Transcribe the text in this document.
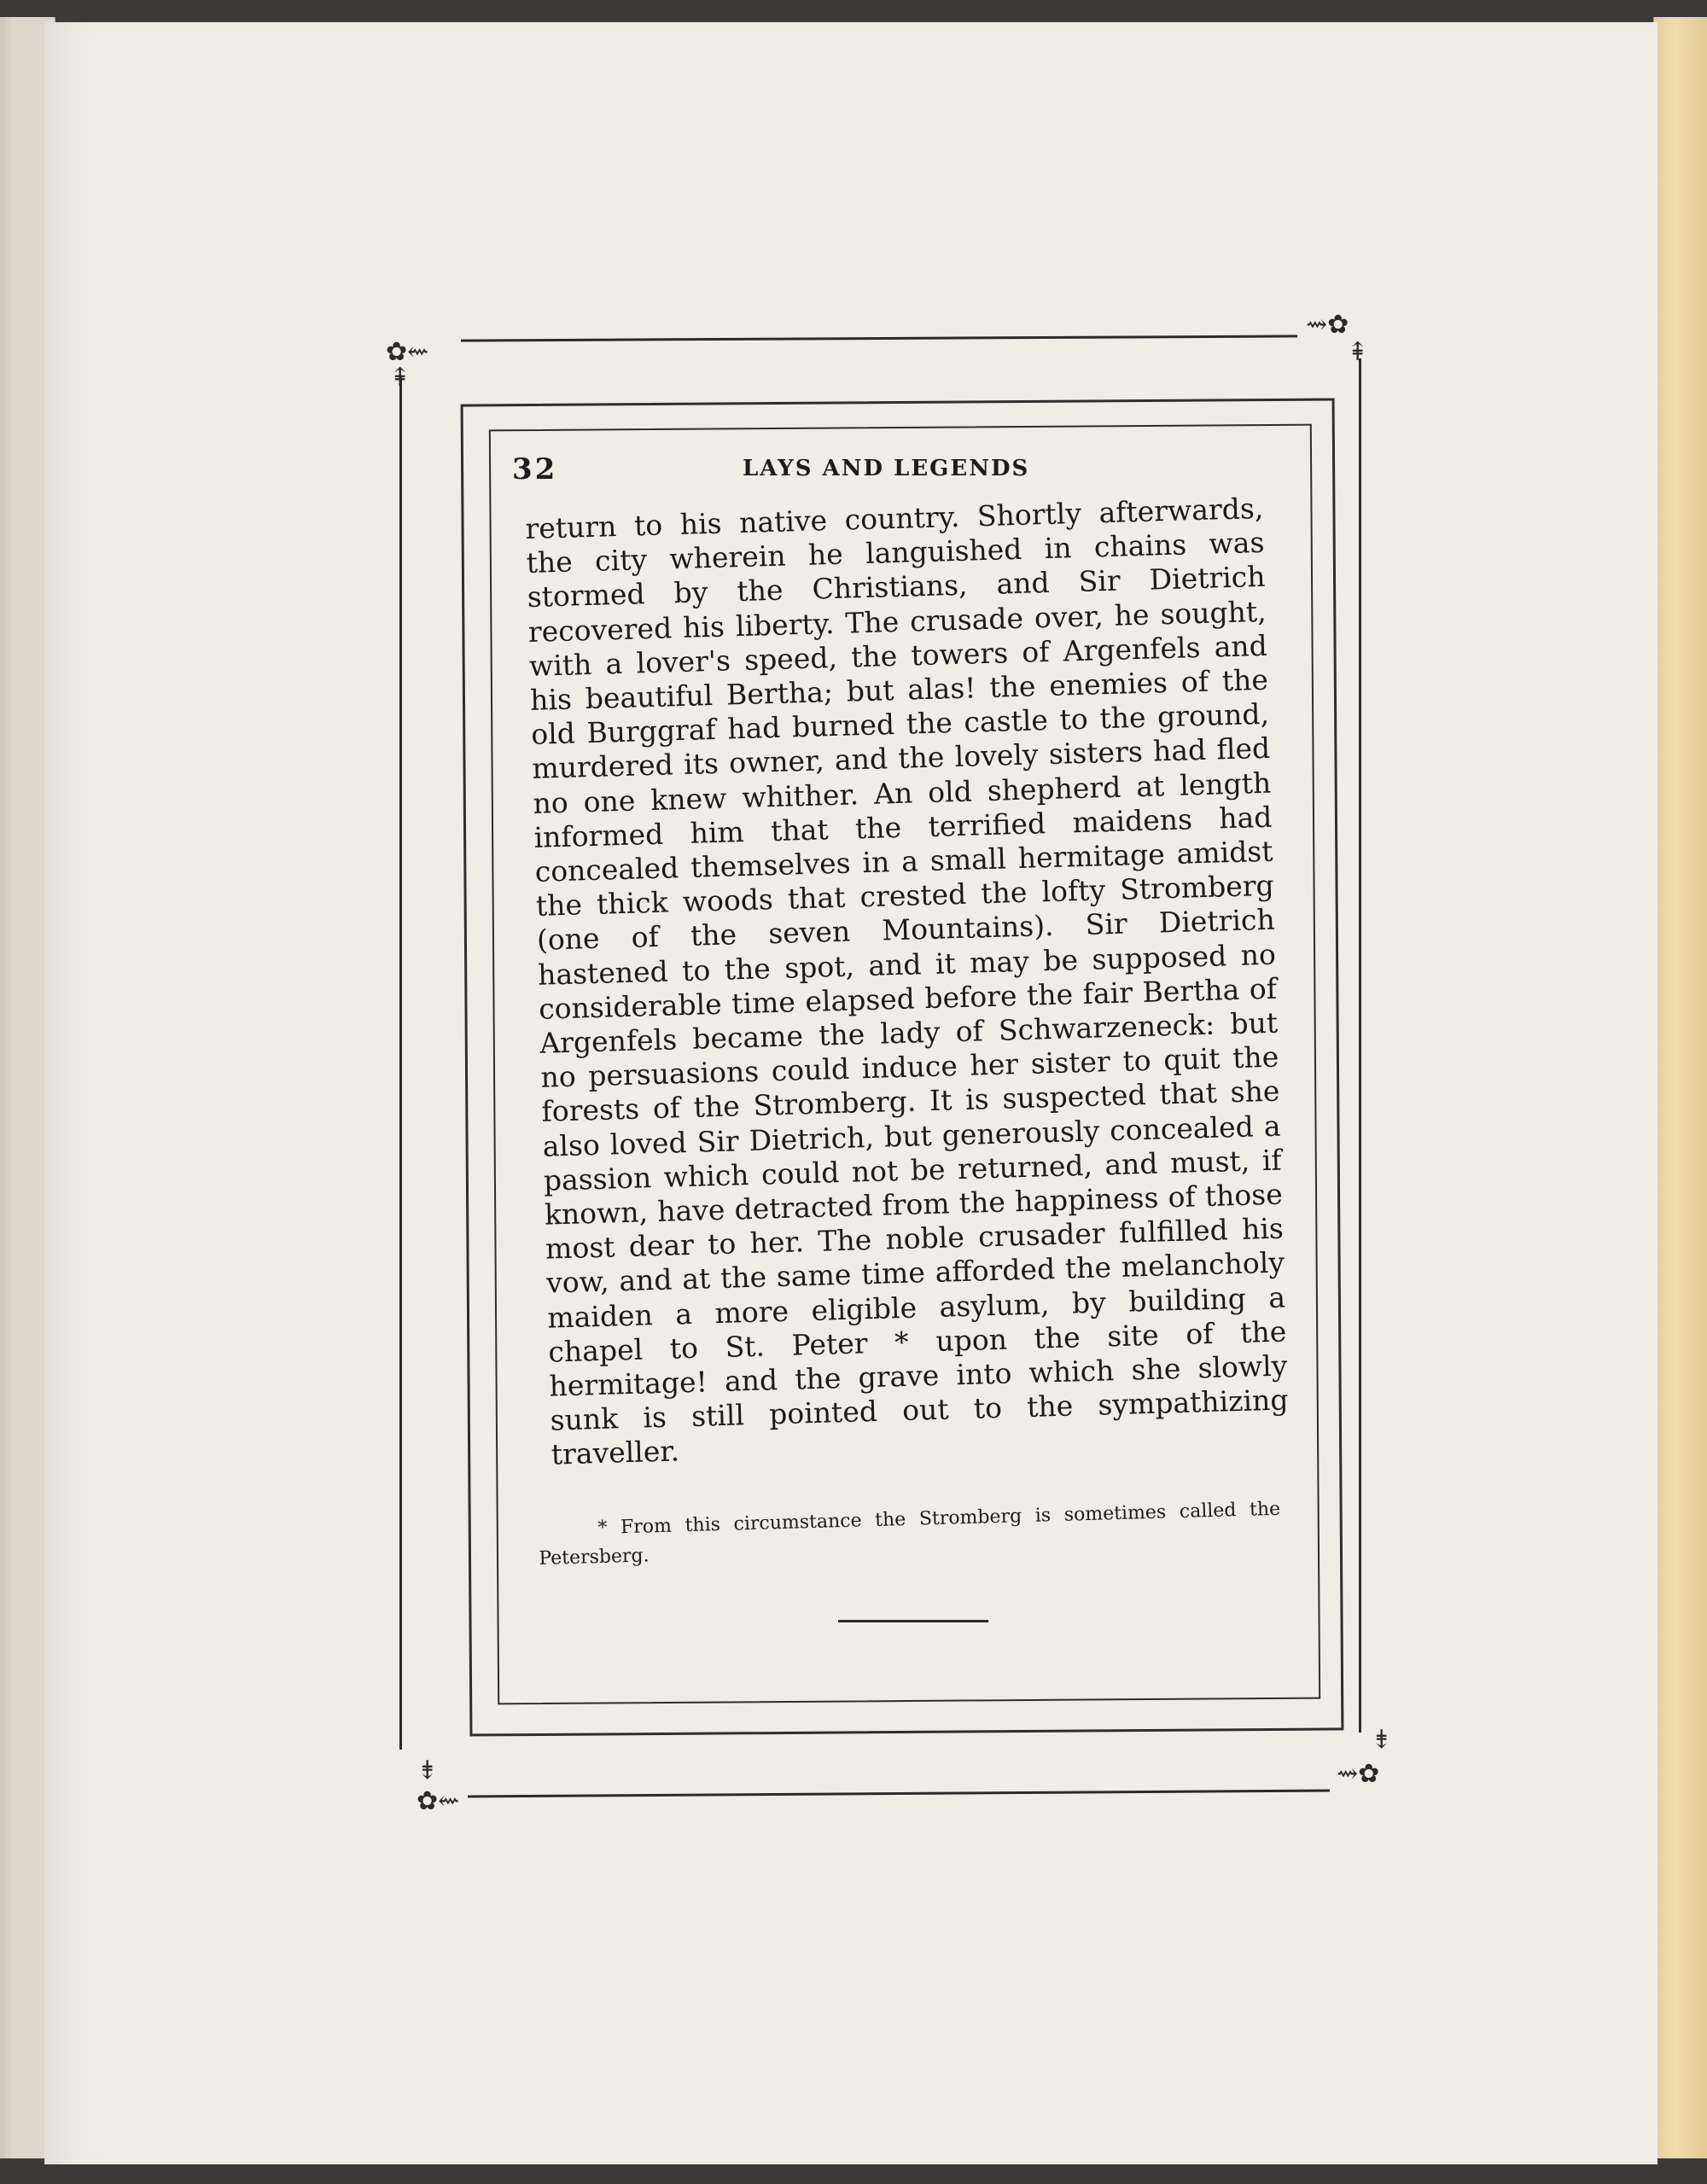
✿⇜
⇞
⇝✿
⇞
⇟
✿⇜
⇟
⇝✿
32	LAYS AND LEGENDS

return to his native country. Shortly afterwards, the city wherein he languished in chains was stormed by the Christians, and Sir Dietrich recovered his liberty. The crusade over, he sought, with a lover's speed, the towers of Argenfels and his beautiful Bertha; but alas! the enemies of the old Burggraf had burned the castle to the ground, murdered its owner, and the lovely sisters had fled no one knew whither. An old shepherd at length informed him that the terrified maidens had concealed themselves in a small hermitage amidst the thick woods that crested the lofty Stromberg (one of the seven Mountains). Sir Dietrich hastened to the spot, and it may be supposed no considerable time elapsed before the fair Bertha of Argenfels became the lady of Schwarzeneck: but no persuasions could induce her sister to quit the forests of the Stromberg. It is suspected that she also loved Sir Dietrich, but generously concealed a passion which could not be returned, and must, if known, have detracted from the happiness of those most dear to her. The noble crusader fulfilled his vow, and at the same time afforded the melancholy maiden a more eligible asylum, by building a chapel to St. Peter * upon the site of the hermitage! and the grave into which she slowly sunk is still pointed out to the sympathizing traveller.

* From this circumstance the Stromberg is sometimes called the Petersberg.
